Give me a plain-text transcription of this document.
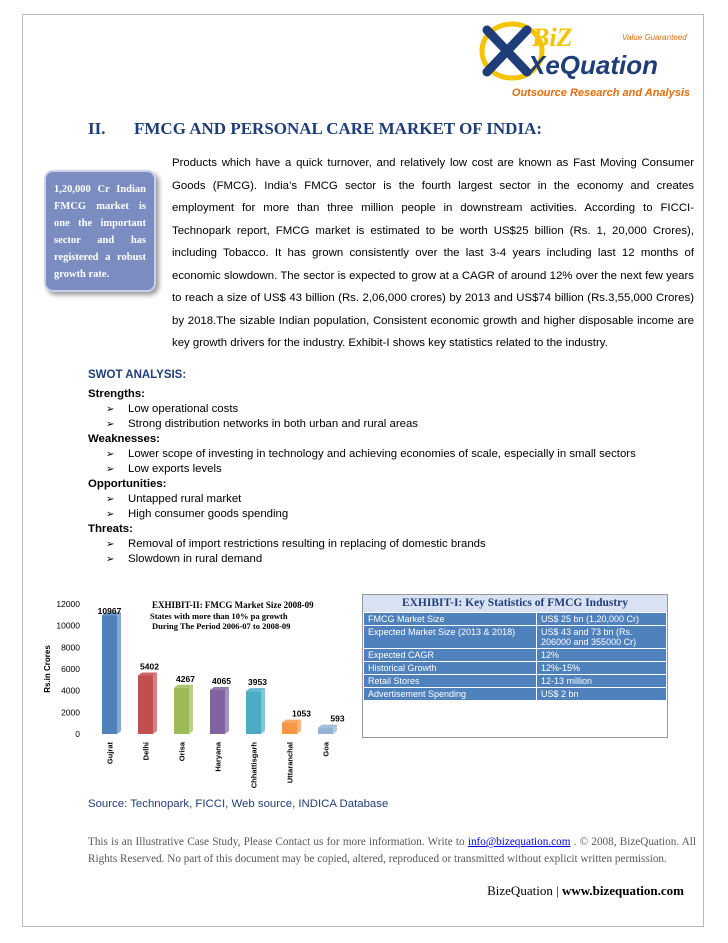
BiZ
XeQuation
Value Guaranteed
Outsource Research and Analysis
II. FMCG AND PERSONAL CARE MARKET OF INDIA:
1,20,000 Cr Indian FMCG market is one the important sector and has registered a robust growth rate.
Products which have a quick turnover, and relatively low cost are known as Fast Moving Consumer Goods (FMCG). India’s FMCG sector is the fourth largest sector in the economy and creates employment for more than three million people in downstream activities. According to FICCI- Technopark report, FMCG market is estimated to be worth US$25 billion (Rs. 1, 20,000 Crores), including Tobacco. It has grown consistently over the last 3-4 years including last 12 months of economic slowdown. The sector is expected to grow at a CAGR of around 12% over the next few years to reach a size of US$ 43 billion (Rs. 2,06,000 crores) by 2013 and US$74 billion (Rs.3,55,000 Crores) by 2018.The sizable Indian population, Consistent economic growth and higher disposable income are key growth drivers for the industry. Exhibit-I shows key statistics related to the industry.
SWOT ANALYSIS:
Strengths:
➢ Low operational costs
➢ Strong distribution networks in both urban and rural areas
Weaknesses:
➢ Lower scope of investing in technology and achieving economies of scale, especially in small sectors
➢ Low exports levels
Opportunities:
➢ Untapped rural market
➢ High consumer goods spending
Threats:
➢ Removal of import restrictions resulting in replacing of domestic brands
➢ Slowdown in rural demand
Rs.in Crores
0
2000
4000
6000
8000
10000
12000	EXHIBIT-II: FMCG Market Size 2008-09
States with more than 10% pa growth
During The Period 2006-07 to 2008-09
10967
Gujrat
5402
Delhi
4267
Orisa
4065
Haryana
3953
Chhattisgarh
1053
Uttaranchal
593
Goa
EXHIBIT-I: Key Statistics of FMCG Industry
FMCG Market Size	US$ 25 bn (1,20,000 Cr)
Expected Market Size (2013 & 2018)	US$ 43 and 73 bn (Rs. 206000 and 355000 Cr)
Expected CAGR	12%
Historical Growth	12%-15%
Retail Stores	12-13 million
Advertisement Spending	US$ 2 bn
Source: Technopark, FICCI, Web source, INDICA Database
This is an Illustrative Case Study, Please Contact us for more information. Write to info@bizequation.com . © 2008, BizeQuation. All Rights Reserved. No part of this document may be copied, altered, reproduced or transmitted without explicit written permission.
BizeQuation | www.bizequation.com
